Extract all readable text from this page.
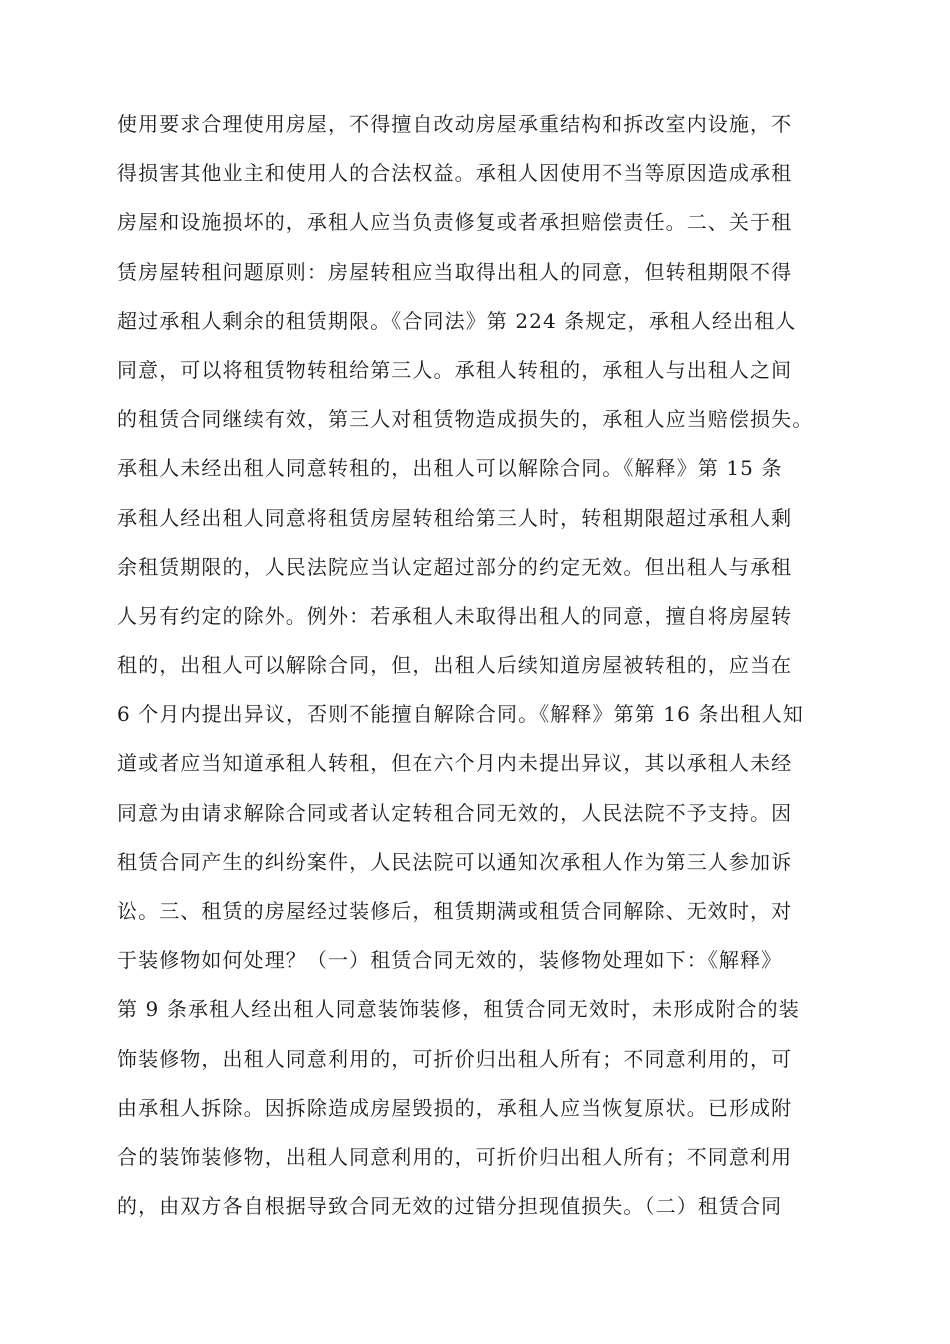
使用要求合理使用房屋，不得擅自改动房屋承重结构和拆改室内设施，不
得损害其他业主和使用人的合法权益。承租人因使用不当等原因造成承租
房屋和设施损坏的，承租人应当负责修复或者承担赔偿责任。二、关于租
赁房屋转租问题原则：房屋转租应当取得出租人的同意，但转租期限不得
超过承租人剩余的租赁期限。《合同法》第 224 条规定，承租人经出租人
同意，可以将租赁物转租给第三人。承租人转租的，承租人与出租人之间
的租赁合同继续有效，第三人对租赁物造成损失的，承租人应当赔偿损失。
承租人未经出租人同意转租的，出租人可以解除合同。《解释》第 15 条
承租人经出租人同意将租赁房屋转租给第三人时，转租期限超过承租人剩
余租赁期限的，人民法院应当认定超过部分的约定无效。但出租人与承租
人另有约定的除外。例外：若承租人未取得出租人的同意，擅自将房屋转
租的，出租人可以解除合同，但，出租人后续知道房屋被转租的，应当在
6 个月内提出异议，否则不能擅自解除合同。《解释》第第 16 条出租人知
道或者应当知道承租人转租，但在六个月内未提出异议，其以承租人未经
同意为由请求解除合同或者认定转租合同无效的，人民法院不予支持。因
租赁合同产生的纠纷案件，人民法院可以通知次承租人作为第三人参加诉
讼。三、租赁的房屋经过装修后，租赁期满或租赁合同解除、无效时，对
于装修物如何处理？（一）租赁合同无效的，装修物处理如下：《解释》
第 9 条承租人经出租人同意装饰装修，租赁合同无效时，未形成附合的装
饰装修物，出租人同意利用的，可折价归出租人所有；不同意利用的，可
由承租人拆除。因拆除造成房屋毁损的，承租人应当恢复原状。已形成附
合的装饰装修物，出租人同意利用的，可折价归出租人所有；不同意利用
的，由双方各自根据导致合同无效的过错分担现值损失。（二）租赁合同
